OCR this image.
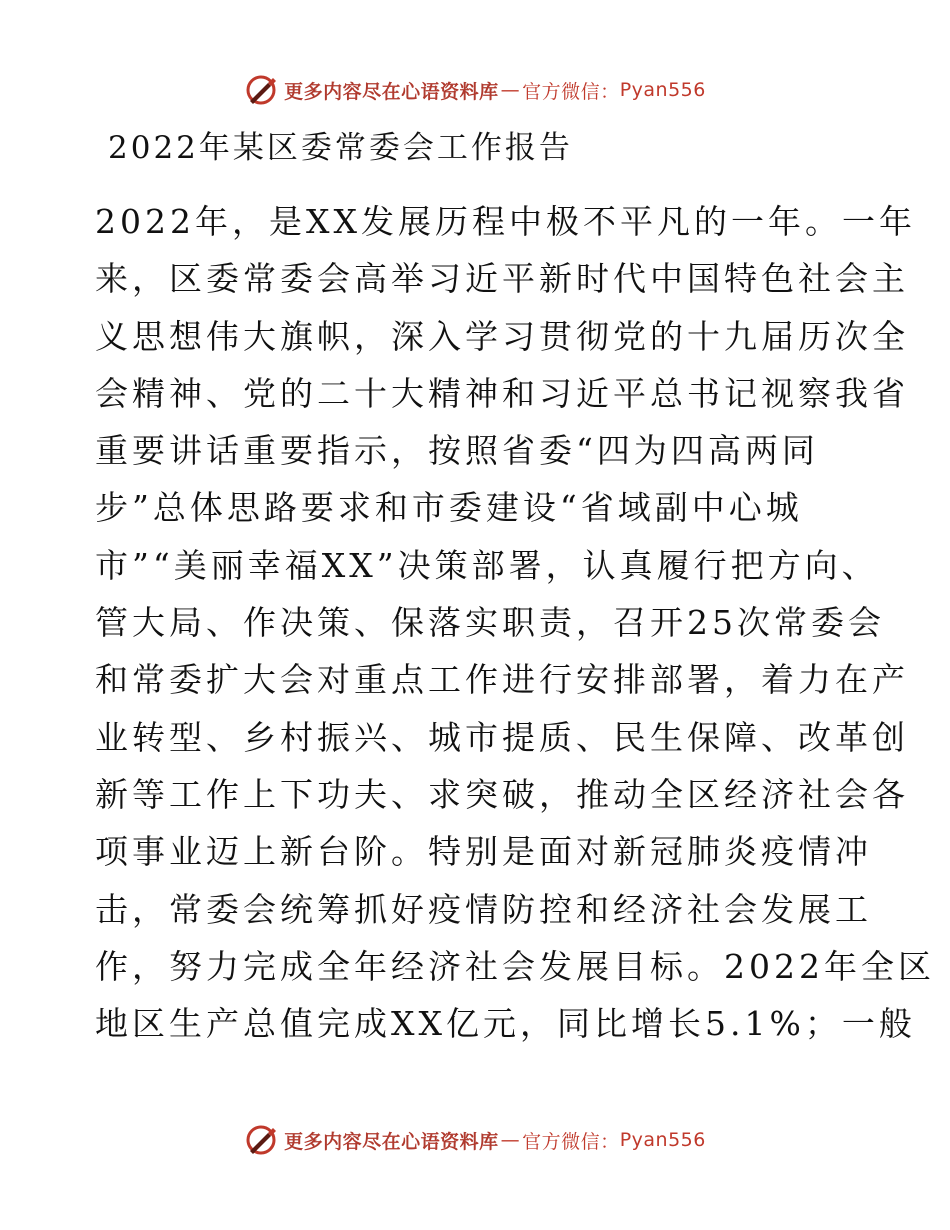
更多内容尽在心语资料库 — 官方微信： Pyan556
2022年某区委常委会工作报告
2022年，是XX发展历程中极不平凡的一年。一年
来，区委常委会高举习近平新时代中国特色社会主
义思想伟大旗帜，深入学习贯彻党的十九届历次全
会精神、党的二十大精神和习近平总书记视察我省
重要讲话重要指示，按照省委“四为四高两同
步”总体思路要求和市委建设“省域副中心城
市”“美丽幸福XX”决策部署，认真履行把方向、
管大局、作决策、保落实职责，召开25次常委会
和常委扩大会对重点工作进行安排部署，着力在产
业转型、乡村振兴、城市提质、民生保障、改革创
新等工作上下功夫、求突破，推动全区经济社会各
项事业迈上新台阶。特别是面对新冠肺炎疫情冲
击，常委会统筹抓好疫情防控和经济社会发展工
作，努力完成全年经济社会发展目标。2022年全区
地区生产总值完成XX亿元，同比增长5.1%；一般
更多内容尽在心语资料库 — 官方微信： Pyan556
